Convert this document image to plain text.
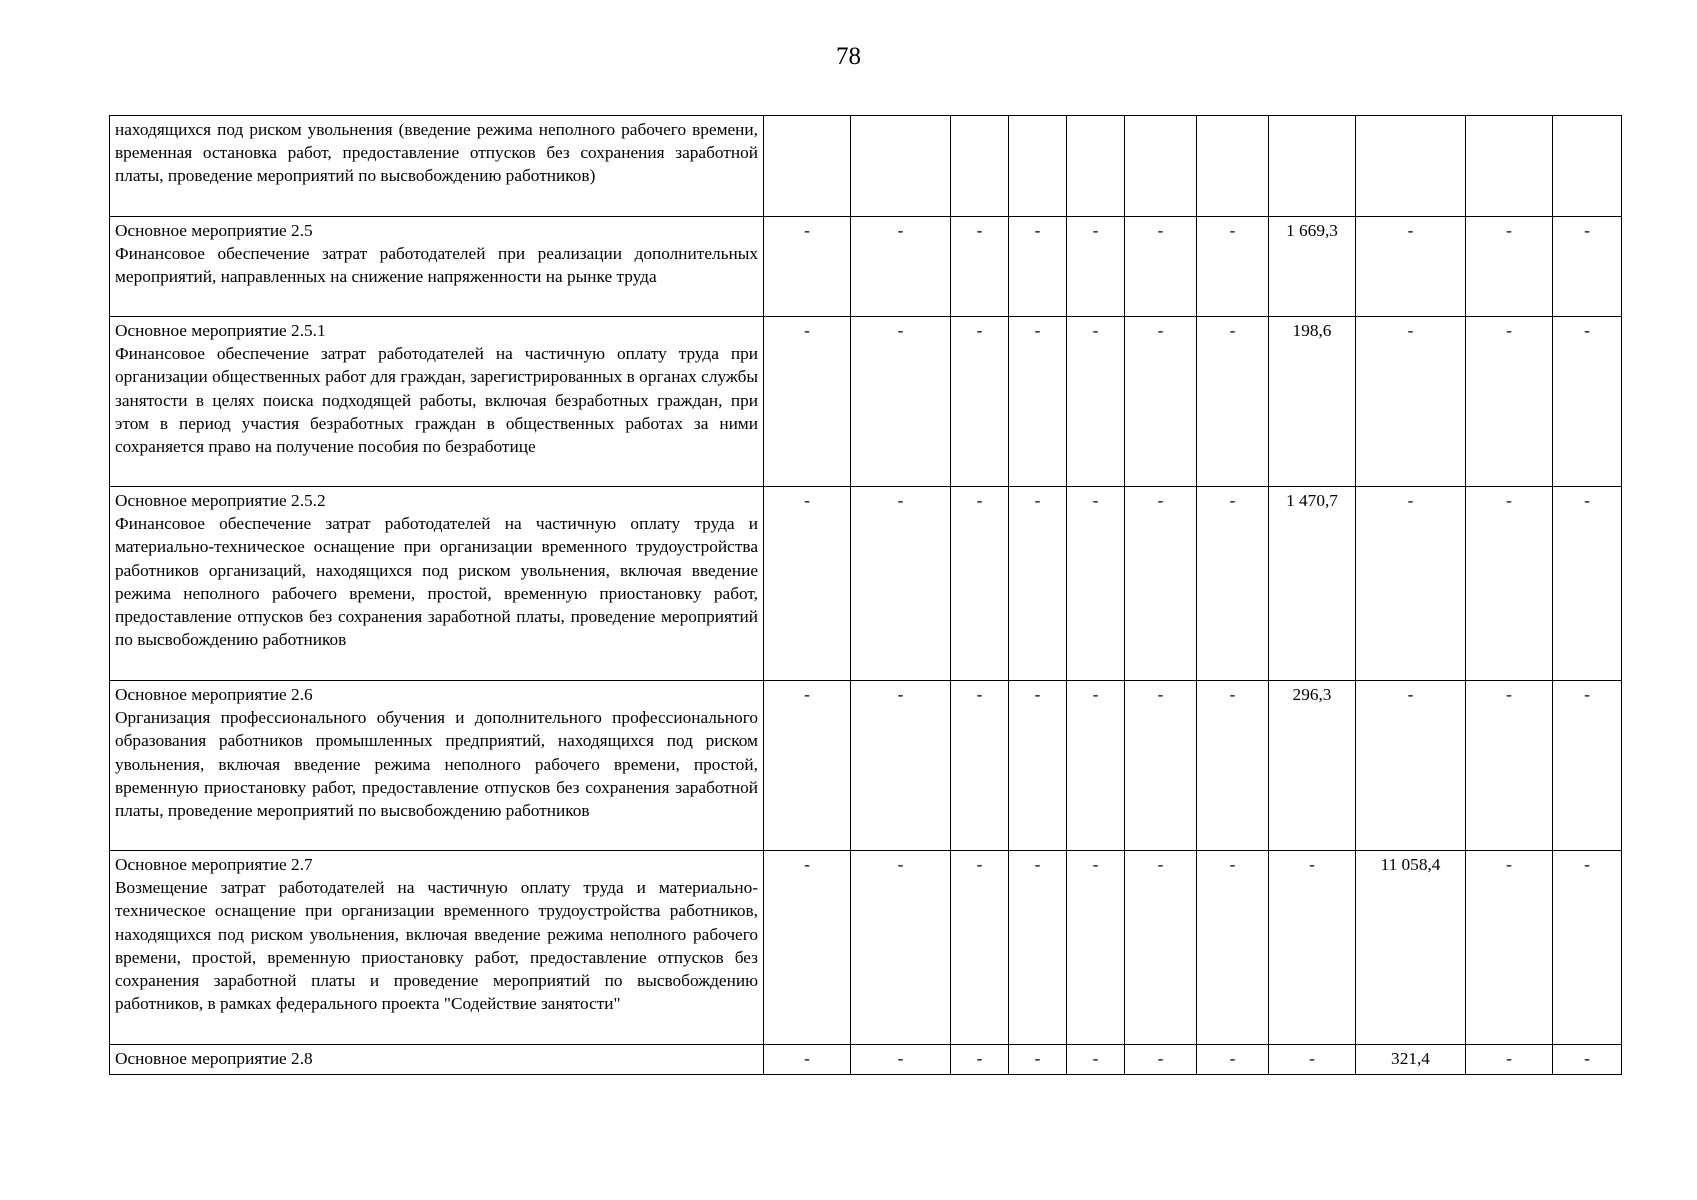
78
находящихся под риском увольнения (введение режима неполного рабочего времени, временная остановка работ, предоставление отпусков без сохранения заработной платы, проведение мероприятий по высвобождению работников)											

Основное мероприятие 2.5
Финансовое обеспечение затрат работодателей при реализации дополнительных мероприятий, направленных на снижение напряженности на рынке труда	-	-	-	-	-	-	-	1 669,3	-	-	-

Основное мероприятие 2.5.1
Финансовое обеспечение затрат работодателей на частичную оплату труда при организации общественных работ для граждан, зарегистрированных в органах службы занятости в целях поиска подходящей работы, включая безработных граждан, при этом в период участия безработных граждан в общественных работах за ними сохраняется право на получение пособия по безработице	-	-	-	-	-	-	-	198,6	-	-	-

Основное мероприятие 2.5.2
Финансовое обеспечение затрат работодателей на частичную оплату труда и материально-техническое оснащение при организации временного трудоустройства работников организаций, находящихся под риском увольнения, включая введение режима неполного рабочего времени, простой, временную приостановку работ, предоставление отпусков без сохранения заработной платы, проведение мероприятий по высвобождению работников	-	-	-	-	-	-	-	1 470,7	-	-	-

Основное мероприятие 2.6
Организация профессионального обучения и дополнительного профессионального образования работников промышленных предприятий, находящихся под риском увольнения, включая введение режима неполного рабочего времени, простой, временную приостановку работ, предоставление отпусков без сохранения заработной платы, проведение мероприятий по высвобождению работников	-	-	-	-	-	-	-	296,3	-	-	-

Основное мероприятие 2.7
Возмещение затрат работодателей на частичную оплату труда и материально-техническое оснащение при организации временного трудоустройства работников, находящихся под риском увольнения, включая введение режима неполного рабочего времени, простой, временную приостановку работ, предоставление отпусков без сохранения заработной платы и проведение мероприятий по высвобождению работников, в рамках федерального проекта "Содействие занятости"	-	-	-	-	-	-	-	-	11 058,4	-	-

Основное мероприятие 2.8	-	-	-	-	-	-	-	-	321,4	-	-
